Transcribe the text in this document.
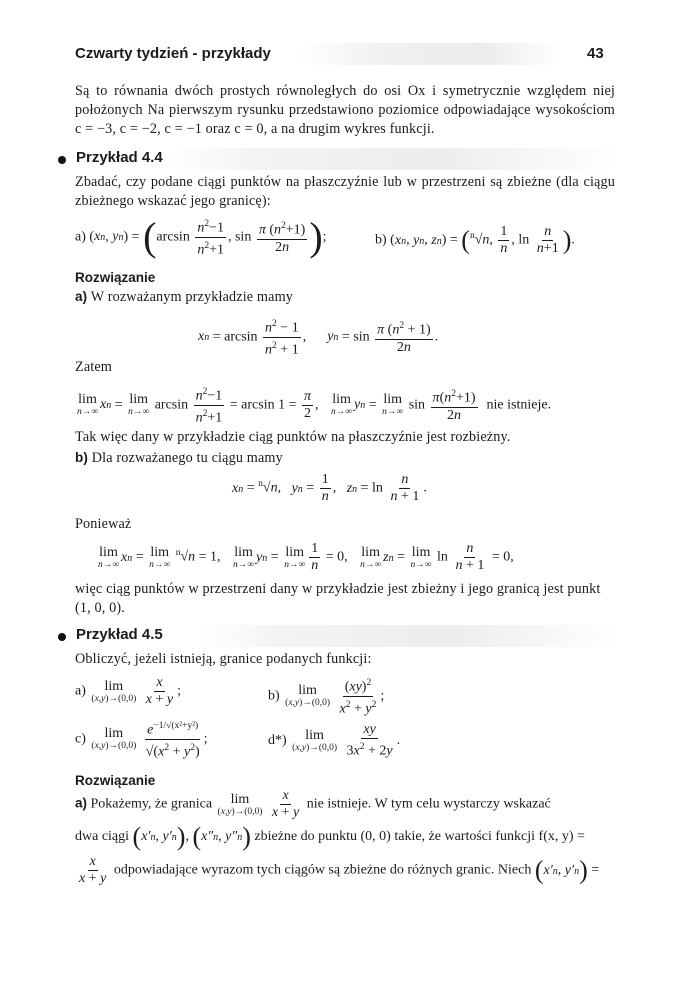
Czwarty tydzień - przykłady	43
Są to równania dwóch prostych równoległych do osi Ox i symetrycznie względem niej położonych Na pierwszym rysunku przedstawiono poziomice odpowiadające wysokościom c = −3, c = −2, c = −1 oraz c = 0, a na drugim wykres funkcji.
Przykład 4.4
Zbadać, czy podane ciągi punktów na płaszczyźnie lub w przestrzeni są zbieżne (dla ciągu zbieżnego wskazać jego granicę):
a) (xn, $yn) = (\arcsin \frac{n^2-1}{n^2+1}$ , $\sin \frac{\pi (n^2+1)}{2n}$ );	b) (xn, yn, zn) = ($^n$√n, $\frac{1}{n}$ , $\ln \frac{n}{n+1}$ ).
Rozwiązanie
a) W rozważanym przykładzie mamy
xn = $\arcsin \frac{n^2 - 1}{n^2 + 1}$ ,      yn = $\sin \frac{\pi (n^2 + 1)}{2n}$ .
Zatem
lim
n→∞ xn = lim
n→∞ $\arcsin \frac{n^2-1}{n^2+1} = \arcsin 1 = \frac{\pi}{2}$ , lim
n→∞ yn = lim
n→∞ $\sin \frac{\pi(n^2+1)}{2n}$ nie istnieje.
Tak więc dany w przykładzie ciąg punktów na płaszczyźnie jest rozbieżny.
b) Dla rozważanego tu ciągu mamy
xn = $^n$√n,   yn = $\frac{1}{n}$ ,   zn = $\ln \frac{n}{n + 1}$ .
Ponieważ
lim
n→∞ xn = lim
n→∞
$^n$√n = 1, lim
n→∞ yn = lim
$n\to\infty \frac{1}{n} = 0$, lim
n→∞ zn = lim
n→∞ $\ln \frac{n}{n + 1} = 0$,
więc ciąg punktów w przestrzeni dany w przykładzie jest zbieżny i jego granicą jest punkt (1, 0, 0).
Przykład 4.5
Obliczyć, jeżeli istnieją, granice podanych funkcji:
a) lim
(x,y)→(0,0)
$\frac{x}{x + y}$ ;	b) lim
(x,y)→(0,0)
$\frac{(xy)^2}{x^2 + y^2}$ ;
c) lim
(x,y)→(0,0)
$\frac{e^{-1/√(x^2+y^2)}}{√(x^2 + y^2)}$ ;	d*) lim
(x,y)→(0,0)
$\frac{xy}{3x^2 + 2y}$ .
Rozwiązanie
a) Pokażemy, że granica lim
(x,y)→(0,0)
$\frac{x}{x + y}$ nie istnieje. W tym celu wystarczy wskazać
dwa ciągi (x′n, y′n), (x″n, y″n) zbieżne do punktu (0, 0) takie, że wartości funkcji f(x, y) =
$\frac{x}{x + y}$ odpowiadające wyrazom tych ciągów są zbieżne do różnych granic. Niech (x′n, y′n) =
